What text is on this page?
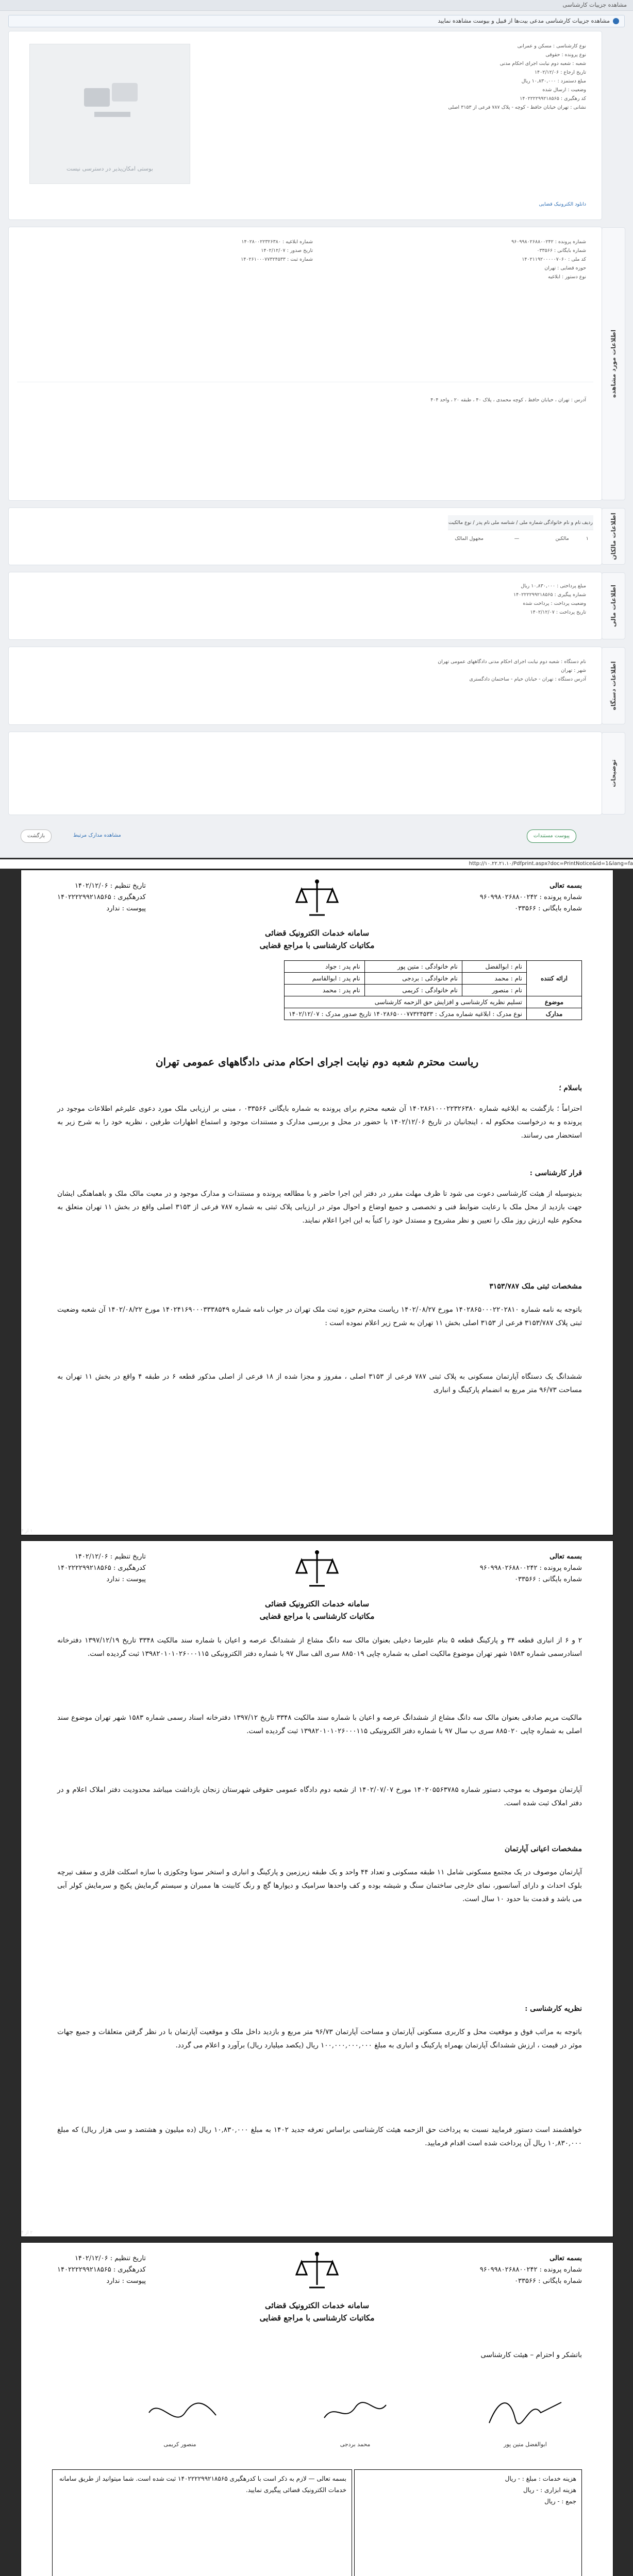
مشاهده جزییات کارشناسی
مشاهده جزییات کارشناسی مدعی بیت‌ها از قبیل و بیوست مشاهده نمایید
بوستی امکان‌پذیر در دسترسی نیست
نوع کارشناسی : مسکن و عمرانی
نوع پرونده : حقوقی
شعبه : شعبه دوم نیابت اجرای احکام مدنی
تاریخ ارجاع : ۱۴۰۲/۱۲/۰۶
مبلغ دستمزد : ۱۰,۸۳۰,۰۰۰ ریال
وضعیت : ارسال شده
کد رهگیری : ۱۴۰۲۲۲۲۹۹۲۱۸۵۶۵
نشانی : تهران خیابان حافظ - کوچه - پلاک ۷۸۷ فرعی از ۳۱۵۳ اصلی
دانلود الکترونیک قضایی
اطلاعات مورد مشاهده
شماره پرونده : ۹۶۰۹۹۸۰۲۶۸۸۰۰۲۴۲
شماره بایگانی : ۰۳۳۵۶۶
کد ملی : ۱۴۰۲۱۱۹۲۰۰۰۰۰۷۰۶۰
حوزه قضایی : تهران
نوع دستور : ابلاغیه
شماره ابلاغیه : ۱۴۰۲۸۰۰۲۲۳۲۶۳۸۰
تاریخ صدور : ۱۴۰۲/۱۲/۰۷
شماره ثبت : ۱۴۰۲۶۱۰۰۰۷۷۳۲۴۵۳۳
آدرس : تهران ، خیابان حافظ ، کوچه محمدی ، پلاک ۴۰ ، طبقه ۲۰ ، واحد ۴۰۴
اطلاعات مالکان
ردیف	نام و نام خانوادگی	شماره ملی / شناسه ملی	نام پدر / نوع مالکیت
۱	مالکین	—	مجهول المالک
اطلاعات مالی
مبلغ پرداختی : ۱۰,۸۳۰,۰۰۰ ریال
شماره پیگیری : ۱۴۰۲۲۲۲۹۹۲۱۸۵۶۵
وضعیت پرداخت : پرداخت شده
تاریخ پرداخت : ۱۴۰۲/۱۲/۰۷
اطلاعات دستگاه
نام دستگاه : شعبه دوم نیابت اجرای احکام مدنی دادگاههای عمومی تهران
شهر : تهران
آدرس دستگاه : تهران - خیابان خیام - ساختمان دادگستری
توضیحات
پیوست مستندات
مشاهده مدارک مرتبط
بازگشت
http://۱۰.۲۲.۲۱.۱۰/Pdfprint.aspx?doc=PrintNotice&id=1&lang=fa
بسمه تعالی
شماره پرونده : ۹۶۰۹۹۸۰۲۶۸۸۰۰۲۴۲
شماره بایگانی : ۰۳۳۵۶۶
سامانه خدمات الکترونیک قضائی
مکاتبات کارشناسی با مراجع قضایی
تاریخ تنظیم : ۱۴۰۲/۱۲/۰۶
کدرهگیری : ۱۴۰۲۲۲۲۹۹۲۱۸۵۶۵
پیوست : ندارد
ارائه کننده	نام : ابوالفضل	نام خانوادگی : متین پور	نام پدر : جواد
	نام : محمد	نام خانوادگی : بردجی	نام پدر : ابوالقاسم
	نام : منصور	نام خانوادگی : کریمی	نام پدر : محمد
موضوع	تسلیم نظریه کارشناسی و افزایش حق الزحمه کارشناسی		
مدارک	نوع مدرک : ابلاغیه شماره مدرک : ۱۴۰۲۸۶۵۰۰۰۷۷۳۲۴۵۳۳ تاریخ صدور مدرک : ۱۴۰۲/۱۲/۰۷		
ریاست محترم شعبه دوم نیابت اجرای احکام مدنی دادگاههای عمومی تهران
باسلام ؛
احتراماً ؛ بازگشت به ابلاغیه شماره ۱۴۰۲۸۶۱۰۰۰۲۲۳۲۶۳۸۰ آن شعبه محترم برای پرونده به شماره بایگانی ۰۳۳۵۶۶ ، مبنی بر ارزیابی ملک مورد دعوی علیرغم اطلاعات موجود در پرونده و به درخواست محکوم له ، اینجانبان در تاریخ ۱۴۰۲/۱۲/۰۶ با حضور در محل و بررسی مدارک و مستندات موجود و استماع اظهارات طرفین ، نظریه خود را به شرح زیر به استحضار می رسانند.
قرار کارشناسی :
بدینوسیله از هیئت کارشناسی دعوت می شود تا ظرف مهلت مقرر در دفتر این اجرا حاضر و با مطالعه پرونده و مستندات و مدارک موجود و در معیت مالک ملک و باهماهنگی ایشان جهت بازدید از محل ملک با رعایت ضوابط فنی و تخصصی و جمیع اوضاع و احوال موثر در ارزیابی پلاک ثبتی به شماره ۷۸۷ فرعی از ۳۱۵۳ اصلی واقع در بخش ۱۱ تهران متعلق به محکوم علیه ارزش روز ملک را تعیین و نظر مشروح و مستدل خود را کتباً به این اجرا اعلام نمایند.
مشخصات ثبتی ملک ۳۱۵۳/۷۸۷
باتوجه به نامه شماره ۱۴۰۲۸۶۵۰۰۰۲۲۰۲۸۱۰ مورخ ۱۴۰۲/۰۸/۲۷ ریاست محترم حوزه ثبت ملک تهران در جواب نامه شماره ۱۴۰۲۴۱۶۹۰۰۰۳۳۳۸۵۴۹ مورخ ۱۴۰۲/۰۸/۲۲ آن شعبه وضعیت ثبتی پلاک ۳۱۵۳/۷۸۷ فرعی از ۳۱۵۳ اصلی بخش ۱۱ تهران به شرح زیر اعلام نموده است :
ششدانگ یک دستگاه آپارتمان مسکونی به پلاک ثبتی ۷۸۷ فرعی از ۳۱۵۳ اصلی ، مفروز و مجزا شده از ۱۸ فرعی از اصلی مذکور قطعه ۶ در طبقه ۴ واقع در بخش ۱۱ تهران به مساحت ۹۶/۷۳ متر مربع به انضمام پارکینگ و انباری
۱ از ۴
بسمه تعالی
شماره پرونده : ۹۶۰۹۹۸۰۲۶۸۸۰۰۲۴۲
شماره بایگانی : ۰۳۳۵۶۶
سامانه خدمات الکترونیک قضائی
مکاتبات کارشناسی با مراجع قضایی
تاریخ تنظیم : ۱۴۰۲/۱۲/۰۶
کدرهگیری : ۱۴۰۲۲۲۲۹۹۲۱۸۵۶۵
پیوست : ندارد
۲ و ۶ از انباری قطعه ۳۴ و پارکینگ قطعه ۵ بنام علیرضا دخیلی بعنوان مالک سه دانگ مشاع از ششدانگ عرصه و اعیان با شماره سند مالکیت ۳۳۴۸ تاریخ ۱۳۹۷/۱۲/۱۹ دفترخانه اسنادرسمی شماره ۱۵۸۳ شهر تهران موضوع مالکیت اصلی به شماره چاپی ۸۸۵۰۱۹ سری الف سال ۹۷ با شماره دفتر الکترونیکی ۱۳۹۸۲۰۱۰۱۰۲۶۰۰۰۱۱۵ ثبت گردیده است.
مالکیت مریم صادقی بعنوان مالک سه دانگ مشاع از ششدانگ عرصه و اعیان با شماره سند مالکیت ۳۳۴۸ تاریخ ۱۳۹۷/۱۲ دفترخانه اسناد رسمی شماره ۱۵۸۳ شهر تهران موضوع سند اصلی به شماره چاپی ۸۸۵۰۲۰ سری ب سال ۹۷ با شماره دفتر الکترونیکی ۱۳۹۸۲۰۱۰۱۰۲۶۰۰۰۱۱۵ ثبت گردیده است.
آپارتمان موصوف به موجب دستور شماره ۱۴۰۲۰۵۵۶۳۷۸۵ مورخ ۱۴۰۲/۰۷/۰۷ از شعبه دوم دادگاه عمومی حقوقی شهرستان زنجان بازداشت میباشد محدودیت دفتر املاک اعلام و در دفتر املاک ثبت شده است.
مشخصات اعیانی آپارتمان
آپارتمان موصوف در یک مجتمع مسکونی شامل ۱۱ طبقه مسکونی و تعداد ۴۴ واحد و یک طبقه زیرزمین و پارکینگ و انباری و استخر سونا وجکوزی با سازه اسکلت فلزی و سقف تیرچه بلوک احداث و دارای آسانسور، نمای خارجی ساختمان سنگ و شیشه بوده و کف واحدها سرامیک و دیوارها گچ و رنگ کابینت ها ممبران و سیستم گرمایش پکیج و سرمایش کولر آبی می باشد و قدمت بنا حدود ۱۰ سال است.
نظریه کارشناسی :
باتوجه به مراتب فوق و موقعیت محل و کاربری مسکونی آپارتمان و مساحت آپارتمان ۹۶/۷۳ متر مربع و بازدید داخل ملک و موقعیت آپارتمان با در نظر گرفتن متعلقات و جمیع جهات موثر در قیمت ، ارزش ششدانگ آپارتمان بهمراه پارکینگ و انباری به مبلغ ۱۰۰,۰۰۰,۰۰۰,۰۰۰ ریال (یکصد میلیارد ریال) برآورد و اعلام می گردد.
خواهشمند است دستور فرمایید نسبت به پرداخت حق الزحمه هیئت کارشناسی براساس تعرفه جدید ۱۴۰۲ به مبلغ ۱۰,۸۳۰,۰۰۰ ریال (ده میلیون و هشتصد و سی هزار ریال) که مبلغ ۱۰,۸۳۰,۰۰۰ ریال آن پرداخت شده است اقدام فرمایید.
۲ از ۴
بسمه تعالی
شماره پرونده : ۹۶۰۹۹۸۰۲۶۸۸۰۰۲۴۲
شماره بایگانی : ۰۳۳۵۶۶
سامانه خدمات الکترونیک قضائی
مکاتبات کارشناسی با مراجع قضایی
تاریخ تنظیم : ۱۴۰۲/۱۲/۰۶
کدرهگیری : ۱۴۰۲۲۲۲۹۹۲۱۸۵۶۵
پیوست : ندارد
باتشکر و احترام – هیئت کارشناسی
ابوالفضل متین پور
محمد بردجی
منصور کریمی
هزینه خدمات : مبلغ : - ریال
هزینه ابزاری : - ریال
جمع : - ریال
بسمه تعالی — لازم به ذکر است با کدرهگیری ۱۴۰۲۲۲۲۹۹۲۱۸۵۶۵ ثبت شده است. شما میتوانید از طریق سامانه خدمات الکترونیک قضائی پیگیری نمایید.
